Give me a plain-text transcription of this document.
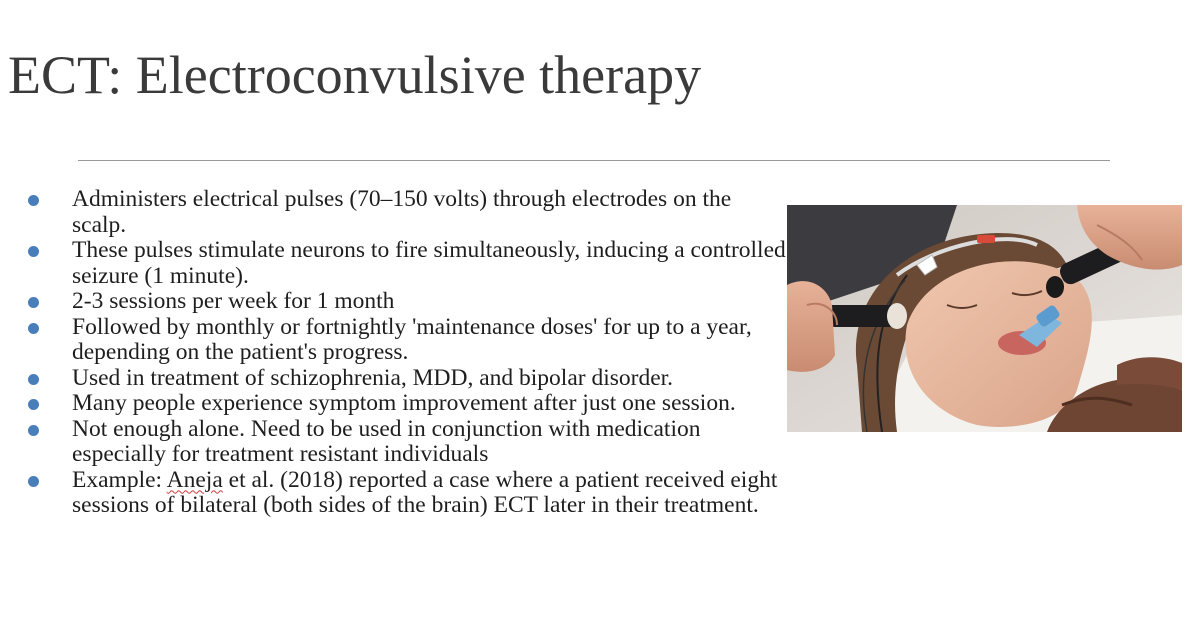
ECT: Electroconvulsive therapy
Administers electrical pulses (70–150 volts) through electrodes on the scalp.
These pulses stimulate neurons to fire simultaneously, inducing a controlled seizure (1 minute).
2-3 sessions per week for 1 month
Followed by monthly or fortnightly 'maintenance doses' for up to a year, depending on the patient's progress.
Used in treatment of schizophrenia, MDD, and bipolar disorder.
Many people experience symptom improvement after just one session.
Not enough alone. Need to be used in conjunction with medication especially for treatment resistant individuals
Example: Aneja et al. (2018) reported a case where a patient received eight sessions of bilateral (both sides of the brain) ECT later in their treatment.
